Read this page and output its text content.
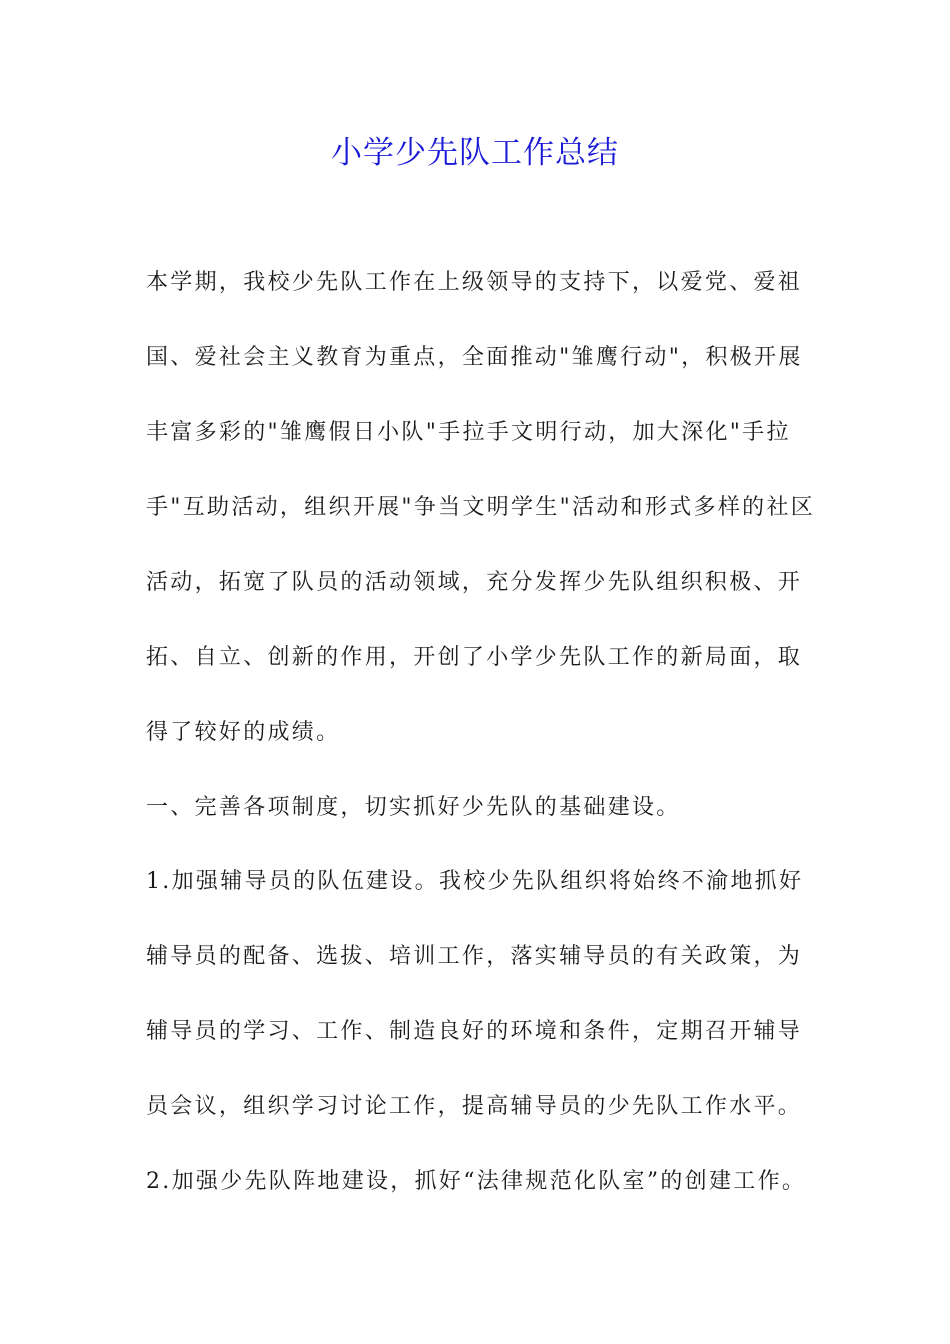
小学少先队工作总结

本学期，我校少先队工作在上级领导的支持下，以爱党、爱祖

国、爱社会主义教育为重点，全面推动"雏鹰行动"，积极开展

丰富多彩的"雏鹰假日小队"手拉手文明行动，加大深化"手拉

手"互助活动，组织开展"争当文明学生"活动和形式多样的社区

活动，拓宽了队员的活动领域，充分发挥少先队组织积极、开

拓、自立、创新的作用，开创了小学少先队工作的新局面，取

得了较好的成绩。

一、完善各项制度，切实抓好少先队的基础建设。

1.加强辅导员的队伍建设。我校少先队组织将始终不渝地抓好

辅导员的配备、选拔、培训工作，落实辅导员的有关政策，为

辅导员的学习、工作、制造良好的环境和条件，定期召开辅导

员会议，组织学习讨论工作，提高辅导员的少先队工作水平。

2.加强少先队阵地建设，抓好“法律规范化队室”的创建工作。
